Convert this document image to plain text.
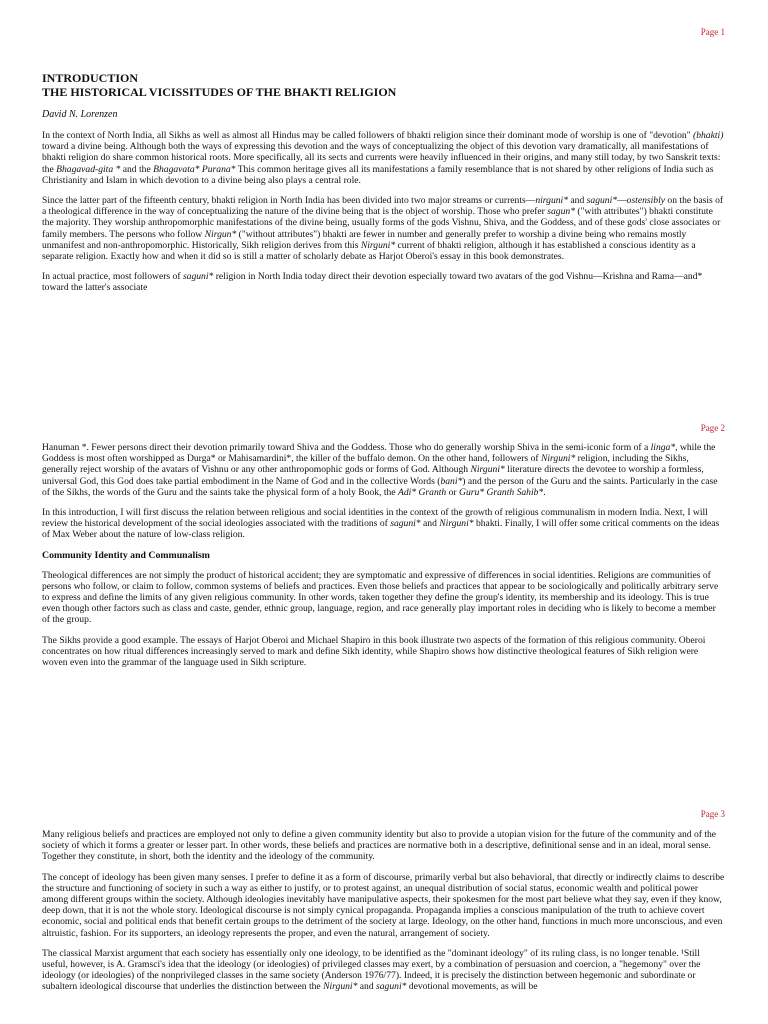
Page 1
INTRODUCTION
THE HISTORICAL VICISSITUDES OF THE BHAKTI RELIGION
David N. Lorenzen

In the context of North India, all Sikhs as well as almost all Hindus may be called followers of bhakti religion since their dominant mode of worship is one of "devotion" (bhakti) toward a divine being. Although both the ways of expressing this devotion and the ways of conceptualizing the object of this devotion vary dramatically, all manifestations of bhakti religion do share common historical roots. More specifically, all its sects and currents were heavily influenced in their origins, and many still today, by two Sanskrit texts: the Bhagavad-gita * and the Bhagavata* Purana* This common heritage gives all its manifestations a family resemblance that is not shared by other religions of India such as Christianity and Islam in which devotion to a divine being also plays a central role.

Since the latter part of the fifteenth century, bhakti religion in North India has been divided into two major streams or currents—nirguni* and saguni*—ostensibly on the basis of a theological difference in the way of conceptualizing the nature of the divine being that is the object of worship. Those who prefer sagun* ("with attributes") bhakti constitute the majority. They worship anthropomorphic manifestations of the divine being, usually forms of the gods Vishnu, Shiva, and the Goddess, and of these gods' close associates or family members. The persons who follow Nirgun* ("without attributes") bhakti are fewer in number and generally prefer to worship a divine being who remains mostly unmanifest and non-anthropomorphic. Historically, Sikh religion derives from this Nirguni* current of bhakti religion, although it has established a conscious identity as a separate religion. Exactly how and when it did so is still a matter of scholarly debate as Harjot Oberoi's essay in this book demonstrates.

In actual practice, most followers of saguni* religion in North India today direct their devotion especially toward two avatars of the god Vishnu—Krishna and Rama—and* toward the latter's associate

Page 2

Hanuman *. Fewer persons direct their devotion primarily toward Shiva and the Goddess. Those who do generally worship Shiva in the semi-iconic form of a linga*, while the Goddess is most often worshipped as Durga* or Mahisamardini*, the killer of the buffalo demon. On the other hand, followers of Nirguni* religion, including the Sikhs, generally reject worship of the avatars of Vishnu or any other anthropomophic gods or forms of God. Although Nirguni* literature directs the devotee to worship a formless, universal God, this God does take partial embodiment in the Name of God and in the collective Words (bani*) and the person of the Guru and the saints. Particularly in the case of the Sikhs, the words of the Guru and the saints take the physical form of a holy Book, the Adi* Granth or Guru* Granth Sahib*.

In this introduction, I will first discuss the relation between religious and social identities in the context of the growth of religious communalism in modern India. Next, I will review the historical development of the social ideologies associated with the traditions of saguni* and Nirguni* bhakti. Finally, I will offer some critical comments on the ideas of Max Weber about the nature of low-class religion.

Community Identity and Communalism

Theological differences are not simply the product of historical accident; they are symptomatic and expressive of differences in social identities. Religions are communities of persons who follow, or claim to follow, common systems of beliefs and practices. Even those beliefs and practices that appear to be sociologically and politically arbitrary serve to express and define the limits of any given religious community. In other words, taken together they define the group's identity, its membership and its ideology. This is true even though other factors such as class and caste, gender, ethnic group, language, region, and race generally play important roles in deciding who is likely to become a member of the group.

The Sikhs provide a good example. The essays of Harjot Oberoi and Michael Shapiro in this book illustrate two aspects of the formation of this religious community. Oberoi concentrates on how ritual differences increasingly served to mark and define Sikh identity, while Shapiro shows how distinctive theological features of Sikh religion were woven even into the grammar of the language used in Sikh scripture.

Page 3

Many religious beliefs and practices are employed not only to define a given community identity but also to provide a utopian vision for the future of the community and of the society of which it forms a greater or lesser part. In other words, these beliefs and practices are normative both in a descriptive, definitional sense and in an ideal, moral sense. Together they constitute, in short, both the identity and the ideology of the community.

The concept of ideology has been given many senses. I prefer to define it as a form of discourse, primarily verbal but also behavioral, that directly or indirectly claims to describe the structure and functioning of society in such a way as either to justify, or to protest against, an unequal distribution of social status, economic wealth and political power among different groups within the society. Although ideologies inevitably have manipulative aspects, their spokesmen for the most part believe what they say, even if they know, deep down, that it is not the whole story. Ideological discourse is not simply cynical propaganda. Propaganda implies a conscious manipulation of the truth to achieve covert economic, social and political ends that benefit certain groups to the detriment of the society at large. Ideology, on the other hand, functions in much more unconscious, and even altruistic, fashion. For its supporters, an ideology represents the proper, and even the natural, arrangement of society.

The classical Marxist argument that each society has essentially only one ideology, to be identified as the "dominant ideology" of its ruling class, is no longer tenable. ¹Still useful, however, is A. Gramsci's idea that the ideology (or ideologies) of privileged classes may exert, by a combination of persuasion and coercion, a "hegemony" over the ideology (or ideologies) of the nonprivileged classes in the same society (Anderson 1976/77). Indeed, it is precisely the distinction between hegemonic and subordinate or subaltern ideological discourse that underlies the distinction between the Nirguni* and saguni* devotional movements, as will be
